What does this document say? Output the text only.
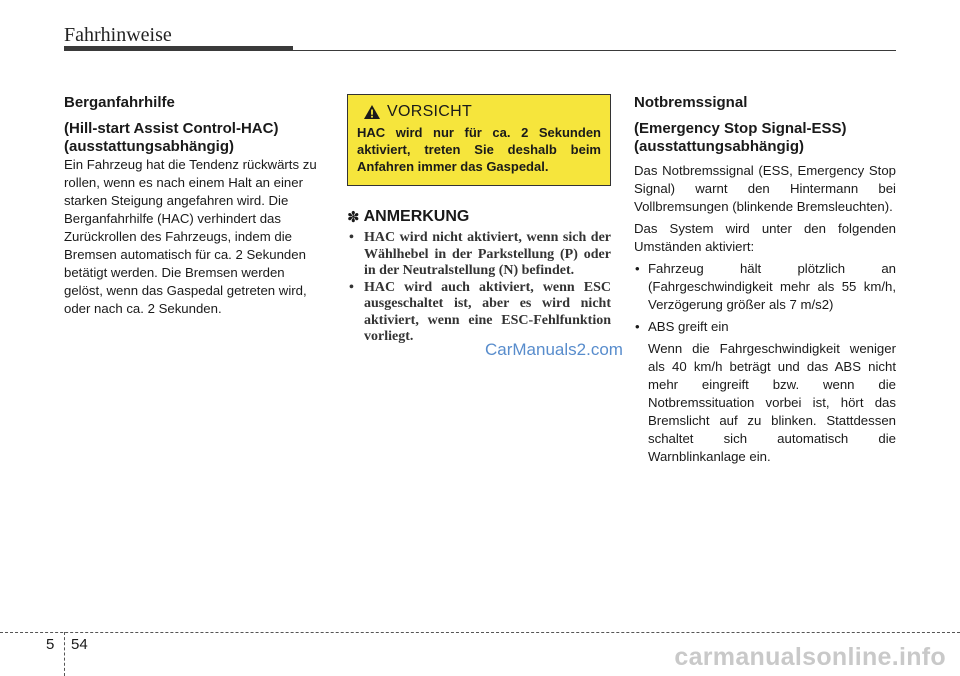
Fahrhinweise

Berganfahrhilfe

(Hill-start Assist Control-HAC) (ausstattungsabhängig)

Ein Fahrzeug hat die Tendenz rückwärts zu rollen, wenn es nach einem Halt an einer starken Steigung angefahren wird. Die Berganfahrhilfe (HAC) verhindert das Zurückrollen des Fahrzeugs, indem die Bremsen automatisch für ca. 2 Sekunden betätigt werden. Die Bremsen werden gelöst, wenn das Gaspedal getreten wird, oder nach ca. 2 Sekunden.

VORSICHT

HAC wird nur für ca. 2 Sekunden aktiviert, treten Sie deshalb beim Anfahren immer das Gaspedal.

✽ ANMERKUNG
• HAC wird nicht aktiviert, wenn sich der Wählhebel in der Parkstellung (P) oder in der Neutralstellung (N) befindet.
• HAC wird auch aktiviert, wenn ESC ausgeschaltet ist, aber es wird nicht aktiviert, wenn eine ESC-Fehlfunktion vorliegt.

Notbremssignal

(Emergency Stop Signal-ESS) (ausstattungsabhängig)

Das Notbremssignal (ESS, Emergency Stop Signal) warnt den Hintermann bei Vollbremsungen (blinkende Bremsleuchten).

Das System wird unter den folgenden Umständen aktiviert:

• Fahrzeug hält plötzlich an (Fahrgeschwindigkeit mehr als 55 km/h, Verzögerung größer als 7 m/s2)
• ABS greift ein

Wenn die Fahrgeschwindigkeit weniger als 40 km/h beträgt und das ABS nicht mehr eingreift bzw. wenn die Notbremssituation vorbei ist, hört das Bremslicht auf zu blinken. Stattdessen schaltet sich automatisch die Warnblinkanlage ein.

CarManuals2.com
5 54	carmanualsonline.info
